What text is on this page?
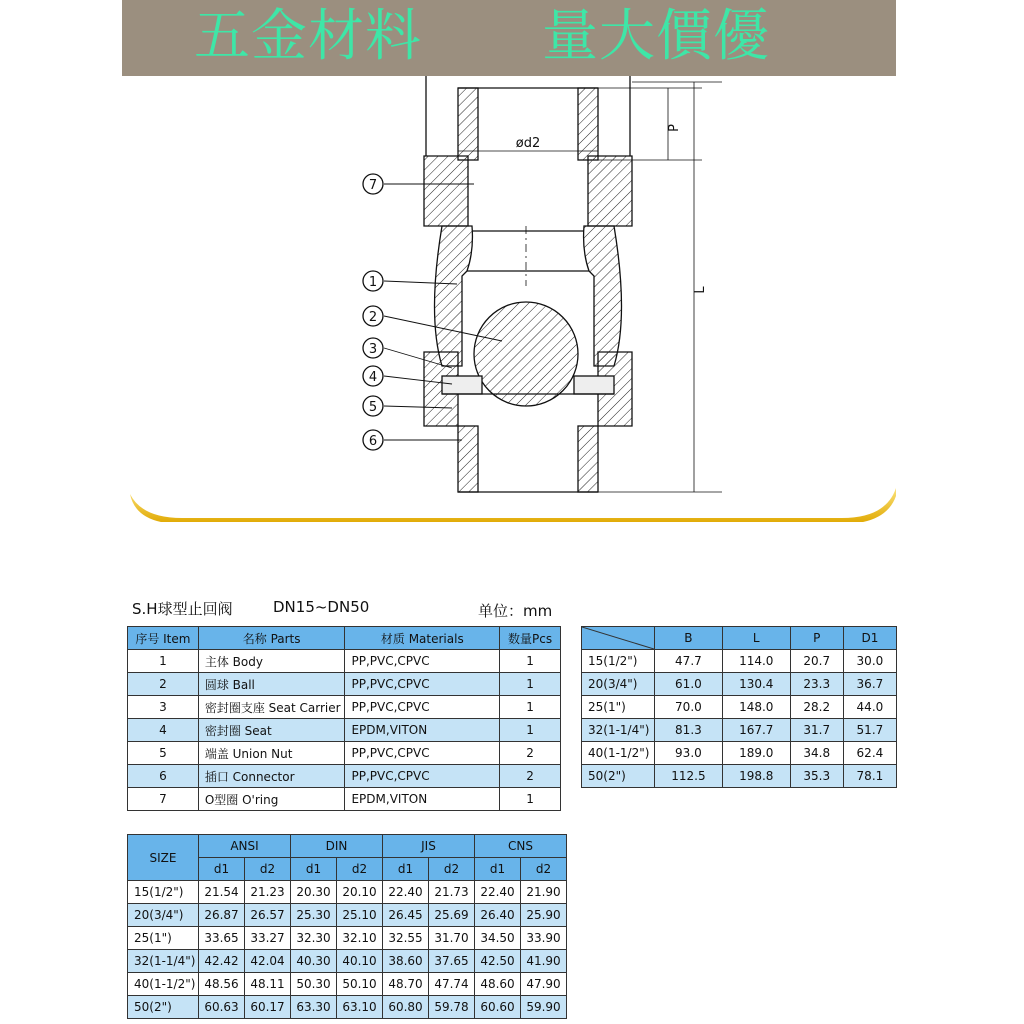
五金材料 量大價優
7
1
2
3
4
5
6
ød2
P
L
S.H球型止回阀	DN15~DN50	单位：mm
序号 Item	名称 Parts	材质 Materials	数量Pcs
1	主体 Body	PP,PVC,CPVC	1
2	圆球 Ball	PP,PVC,CPVC	1
3	密封圈支座 Seat Carrier	PP,PVC,CPVC	1
4	密封圈 Seat	EPDM,VITON	1
5	端盖 Union Nut	PP,PVC,CPVC	2
6	插口 Connector	PP,PVC,CPVC	2
7	O型圈 O'ring	EPDM,VITON	1
	B	L	P	D1
15(1/2")	47.7	114.0	20.7	30.0
20(3/4")	61.0	130.4	23.3	36.7
25(1")	70.0	148.0	28.2	44.0
32(1-1/4")	81.3	167.7	31.7	51.7
40(1-1/2")	93.0	189.0	34.8	62.4
50(2")	112.5	198.8	35.3	78.1
SIZE	ANSI		DIN		JIS		CNS	
	d1	d2	d1	d2	d1	d2	d1	d2
15(1/2")	21.54	21.23	20.30	20.10	22.40	21.73	22.40	21.90
20(3/4")	26.87	26.57	25.30	25.10	26.45	25.69	26.40	25.90
25(1")	33.65	33.27	32.30	32.10	32.55	31.70	34.50	33.90
32(1-1/4")	42.42	42.04	40.30	40.10	38.60	37.65	42.50	41.90
40(1-1/2")	48.56	48.11	50.30	50.10	48.70	47.74	48.60	47.90
50(2")	60.63	60.17	63.30	63.10	60.80	59.78	60.60	59.90
